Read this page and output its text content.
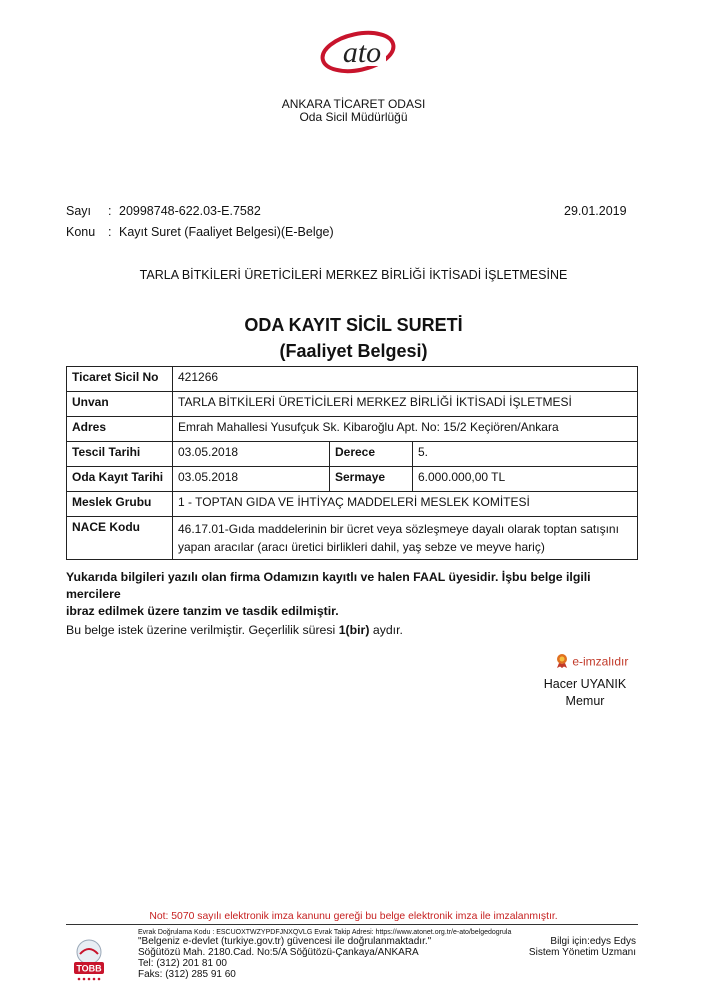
ato
ANKARA TİCARET ODASI
Oda Sicil Müdürlüğü
Sayı : 20998748-622.03-E.7582	29.01.2019
Konu : Kayıt Suret (Faaliyet Belgesi)(E-Belge)
TARLA BİTKİLERİ ÜRETİCİLERİ MERKEZ BİRLİĞİ İKTİSADİ İŞLETMESİNE
ODA KAYIT SİCİL SURETİ
(Faaliyet Belgesi)
Ticaret Sicil No	421266		
Unvan	TARLA BİTKİLERİ ÜRETİCİLERİ MERKEZ BİRLİĞİ İKTİSADİ İŞLETMESİ		
Adres	Emrah Mahallesi Yusufçuk Sk. Kibaroğlu Apt. No: 15/2 Keçiören/Ankara		
Tescil Tarihi	03.05.2018	Derece	5.
Oda Kayıt Tarihi	03.05.2018	Sermaye	6.000.000,00 TL
Meslek Grubu	1 - TOPTAN GIDA VE İHTİYAÇ MADDELERİ MESLEK KOMİTESİ		
NACE Kodu	46.17.01-Gıda maddelerinin bir ücret veya sözleşmeye dayalı olarak toptan satışını yapan aracılar (aracı üretici birlikleri dahil, yaş sebze ve meyve hariç)		
Yukarıda bilgileri yazılı olan firma Odamızın kayıtlı ve halen FAAL üyesidir. İşbu belge ilgili mercilere
ibraz edilmek üzere tanzim ve tasdik edilmiştir.
Bu belge istek üzerine verilmiştir. Geçerlilik süresi 1(bir) aydır.
e-imzalıdır
Hacer UYANIK
Memur
Not: 5070 sayılı elektronik imza kanunu gereği bu belge elektronik imza ile imzalanmıştır.
TOBB
Evrak Doğrulama Kodu : ESCUOXTWZYPDFJNXQVLG Evrak Takip Adresi: https://www.atonet.org.tr/e-ato/belgedogrula
"Belgeniz e-devlet (turkiye.gov.tr) güvencesi ile doğrulanmaktadır."
Söğütözü Mah. 2180.Cad. No:5/A Söğütözü-Çankaya/ANKARA
Tel: (312) 201 81 00
Faks: (312) 285 91 60
Bilgi için:edys Edys
Sistem Yönetim Uzmanı
